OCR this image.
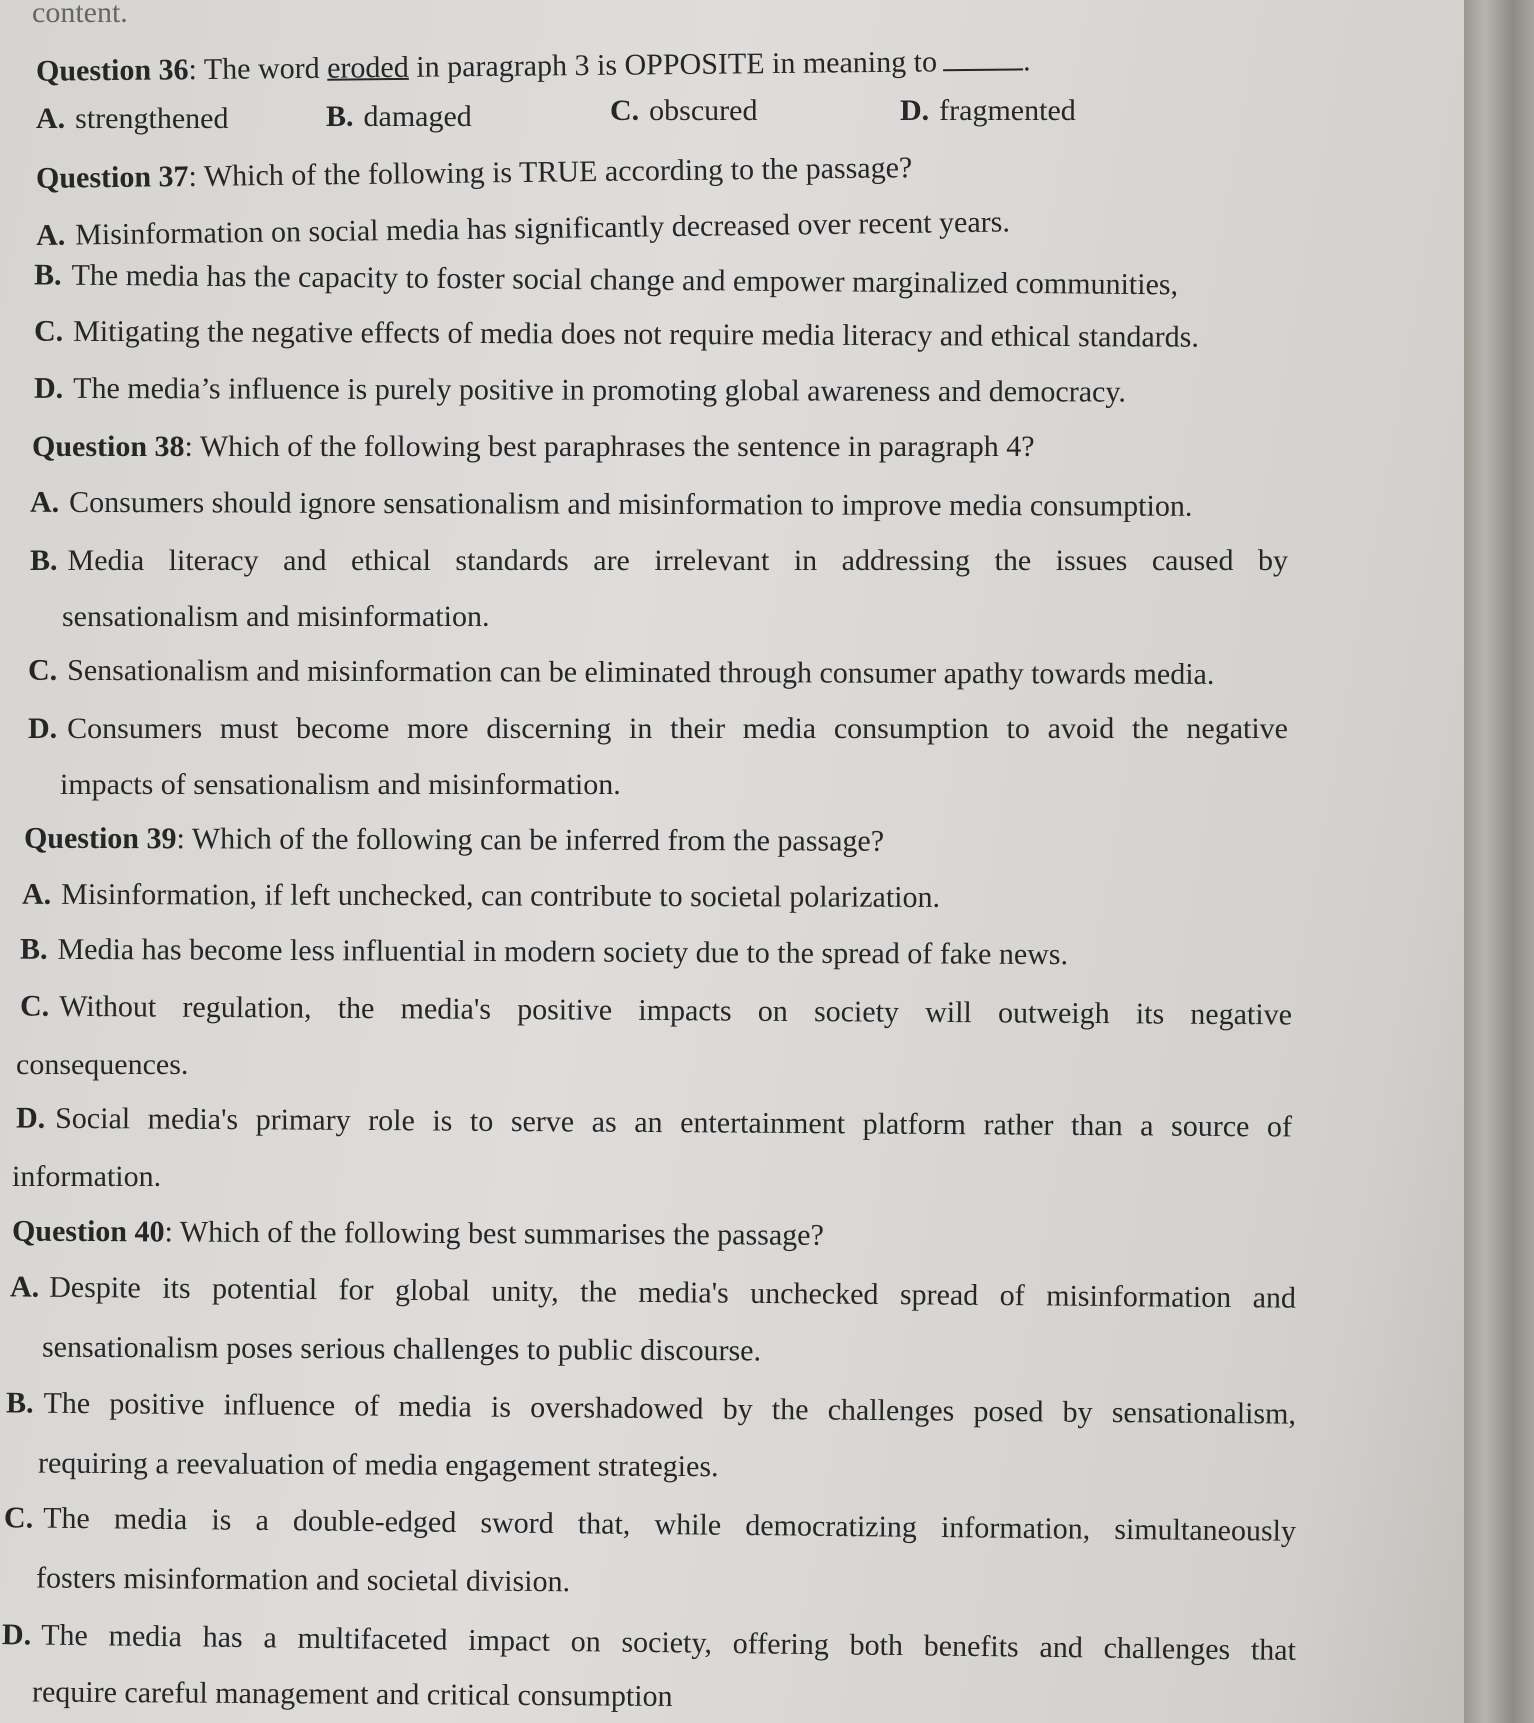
content.

Question 36: The word eroded in paragraph 3 is OPPOSITE in meaning to	.

A. strengthened	B. damaged	C. obscured	D. fragmented

Question 37: Which of the following is TRUE according to the passage?

A. Misinformation on social media has significantly decreased over recent years.

B. The media has the capacity to foster social change and empower marginalized communities,

C. Mitigating the negative effects of media does not require media literacy and ethical standards.

D. The media’s influence is purely positive in promoting global awareness and democracy.

Question 38: Which of the following best paraphrases the sentence in paragraph 4?

A. Consumers should ignore sensationalism and misinformation to improve media consumption.

B. Media literacy and ethical standards are irrelevant in addressing the issues caused by

sensationalism and misinformation.

C. Sensationalism and misinformation can be eliminated through consumer apathy towards media.

D. Consumers must become more discerning in their media consumption to avoid the negative

impacts of sensationalism and misinformation.

Question 39: Which of the following can be inferred from the passage?

A. Misinformation, if left unchecked, can contribute to societal polarization.

B. Media has become less influential in modern society due to the spread of fake news.

C. Without regulation, the media's positive impacts on society will outweigh its negative

consequences.

D. Social media's primary role is to serve as an entertainment platform rather than a source of

information.

Question 40: Which of the following best summarises the passage?

A. Despite its potential for global unity, the media's unchecked spread of misinformation and

sensationalism poses serious challenges to public discourse.

B. The positive influence of media is overshadowed by the challenges posed by sensationalism,

requiring a reevaluation of media engagement strategies.

C. The media is a double-edged sword that, while democratizing information, simultaneously

fosters misinformation and societal division.

D. The media has a multifaceted impact on society, offering both benefits and challenges that

require careful management and critical consumption
